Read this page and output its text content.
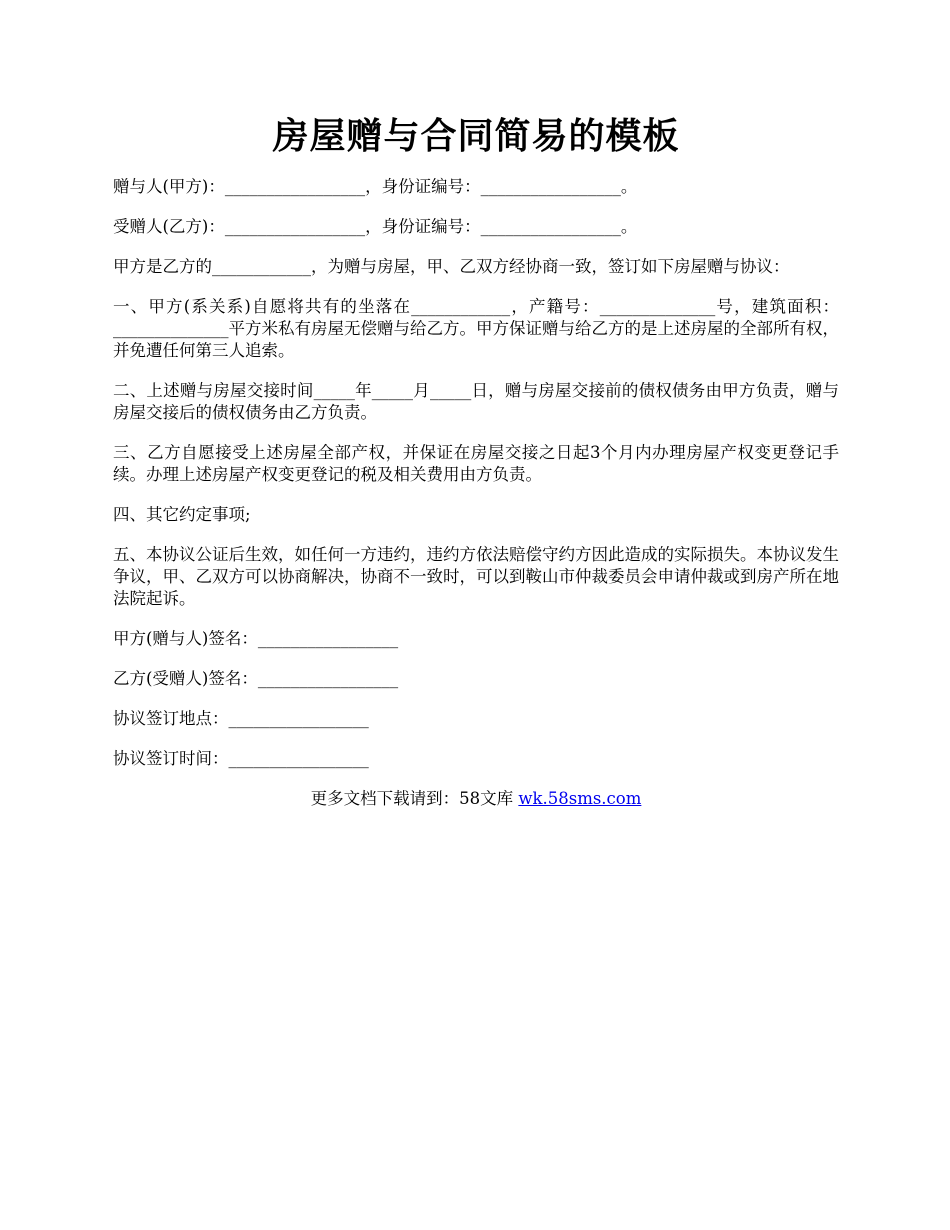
房屋赠与合同简易的模板

赠与人(甲方)：_________________，身份证编号：_________________。

受赠人(乙方)：_________________，身份证编号：_________________。

甲方是乙方的____________，为赠与房屋，甲、乙双方经协商一致，签订如下房屋赠与协议：

一、甲方(系关系)自愿将共有的坐落在____________，产籍号：______________号，建筑面积：______________平方米私有房屋无偿赠与给乙方。甲方保证赠与给乙方的是上述房屋的全部所有权，并免遭任何第三人追索。

二、上述赠与房屋交接时间_____年_____月_____日，赠与房屋交接前的债权债务由甲方负责，赠与房屋交接后的债权债务由乙方负责。

三、乙方自愿接受上述房屋全部产权，并保证在房屋交接之日起3个月内办理房屋产权变更登记手续。办理上述房屋产权变更登记的税及相关费用由方负责。

四、其它约定事项;

五、本协议公证后生效，如任何一方违约，违约方依法赔偿守约方因此造成的实际损失。本协议发生争议，甲、乙双方可以协商解决，协商不一致时，可以到鞍山市仲裁委员会申请仲裁或到房产所在地法院起诉。

甲方(赠与人)签名：_________________

乙方(受赠人)签名：_________________

协议签订地点：_________________

协议签订时间：_________________

更多文档下载请到：58文库 wk.58sms.com
